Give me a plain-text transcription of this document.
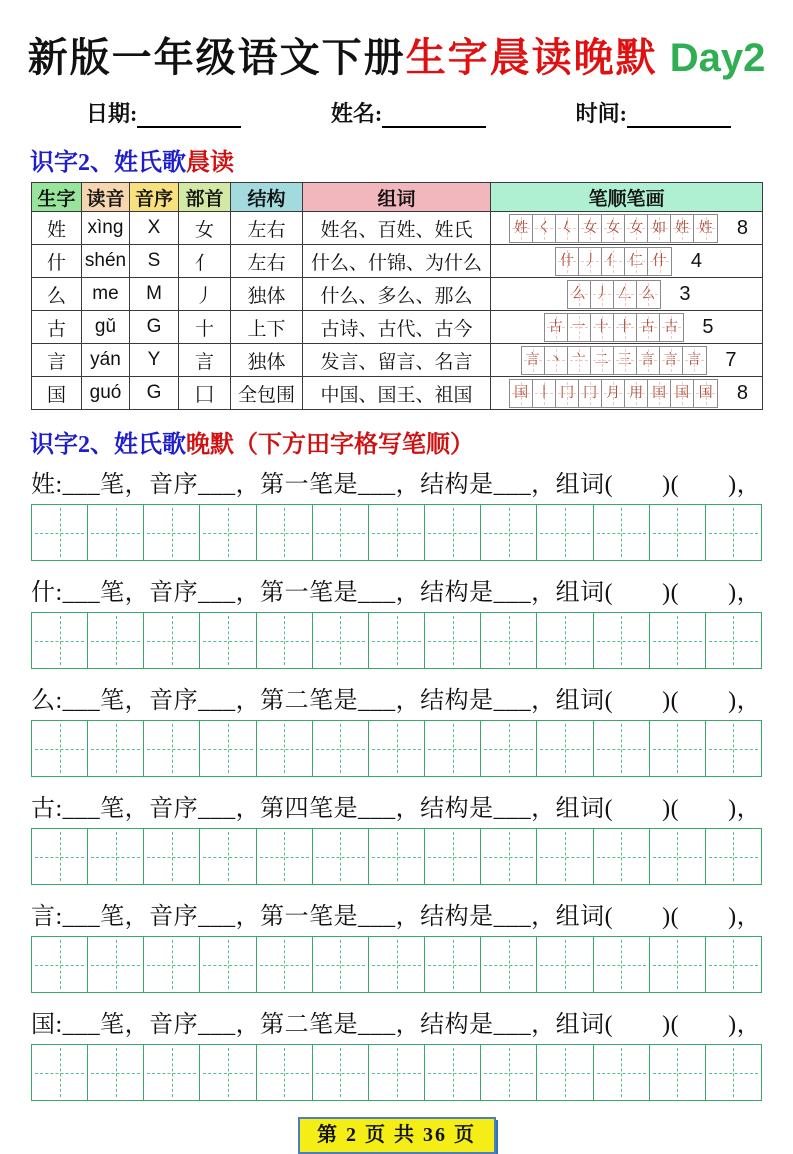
新版一年级语文下册生字晨读晚默 Day2
日期:	姓名:	时间:
识字2、姓氏歌晨读
生字	读音	音序	部首	结构	组词	笔顺笔画
姓	xìng	X	女	左右	姓名、百姓、姓氏	姓 く 𡿨 女 女 女 如 姓 姓 8
什	shén	S	亻	左右	什么、什锦、为什么	什 丿 亻 仁 什 4
么	me	M	丿	独体	什么、多么、那么	么 丿 𠃋 么 3
古	gǔ	G	十	上下	古诗、古代、古今	古 一 十 十 古 古 5
言	yán	Y	言	独体	发言、留言、名言	言 丶 亠 二 三 言 言 言 7
国	guó	G	囗	全包围	中国、国王、祖国	国 丨 冂 冂 月 用 囯 国 国 8
识字2、姓氏歌晚默（下方田字格写笔顺）
姓:___笔，音序___，第一笔是___，结构是___，组词(　　)(　　)，
什:___笔，音序___，第一笔是___，结构是___，组词(　　)(　　)，
么:___笔，音序___，第二笔是___，结构是___，组词(　　)(　　)，
古:___笔，音序___，第四笔是___，结构是___，组词(　　)(　　)，
言:___笔，音序___，第一笔是___，结构是___，组词(　　)(　　)，
国:___笔，音序___，第二笔是___，结构是___，组词(　　)(　　)，
第 2 页 共 36 页
